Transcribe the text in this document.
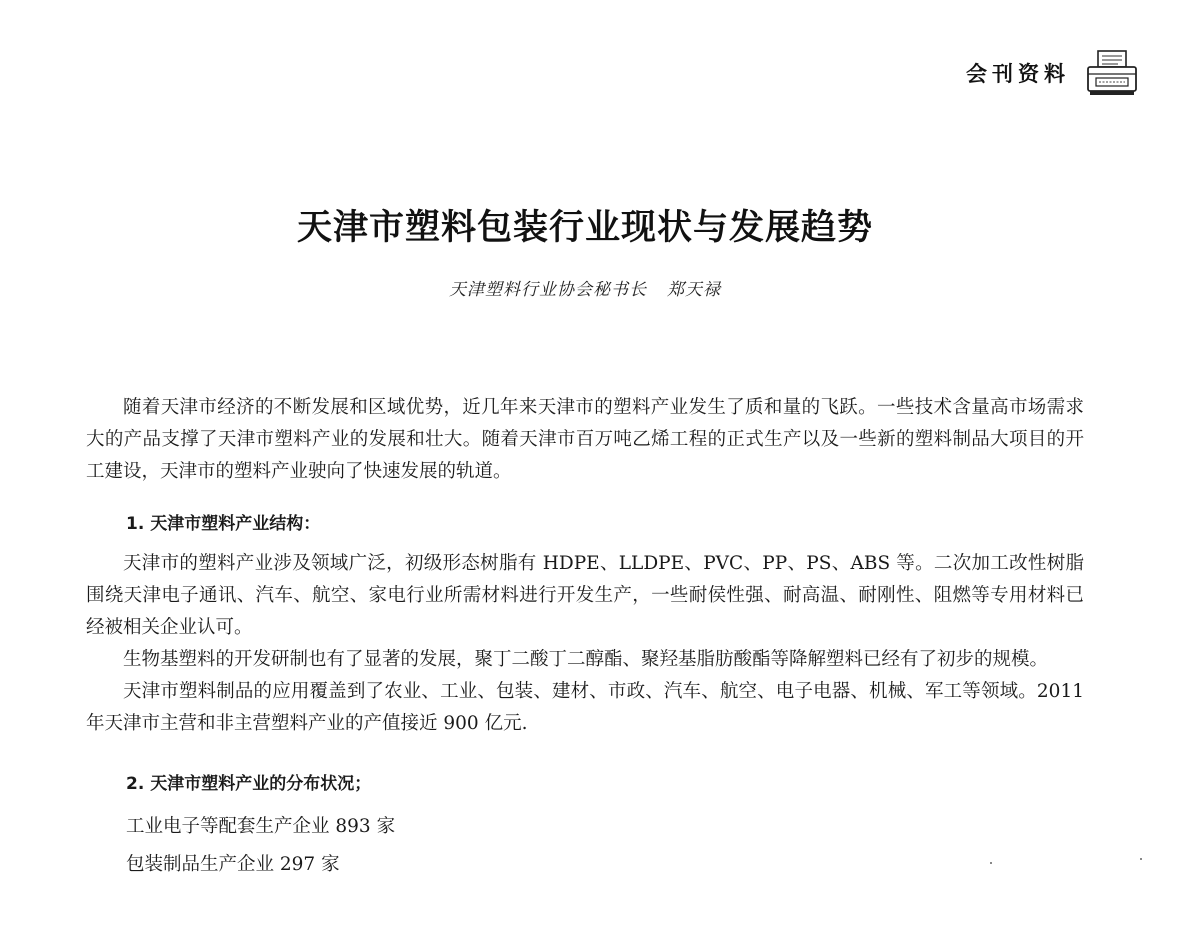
会刊资料
天津市塑料包装行业现状与发展趋势
天津塑料行业协会秘书长 郑天禄

随着天津市经济的不断发展和区域优势，近几年来天津市的塑料产业发生了质和量的飞跃。一些技术含量高市场需求大的产品支撑了天津市塑料产业的发展和壮大。随着天津市百万吨乙烯工程的正式生产以及一些新的塑料制品大项目的开工建设，天津市的塑料产业驶向了快速发展的轨道。

1. 天津市塑料产业结构：

天津市的塑料产业涉及领域广泛，初级形态树脂有 HDPE、LLDPE、PVC、PP、PS、ABS 等。二次加工改性树脂围绕天津电子通讯、汽车、航空、家电行业所需材料进行开发生产，一些耐侯性强、耐高温、耐刚性、阻燃等专用材料已经被相关企业认可。

生物基塑料的开发研制也有了显著的发展，聚丁二酸丁二醇酯、聚羟基脂肪酸酯等降解塑料已经有了初步的规模。

天津市塑料制品的应用覆盖到了农业、工业、包装、建材、市政、汽车、航空、电子电器、机械、军工等领域。2011 年天津市主营和非主营塑料产业的产值接近 900 亿元.

2. 天津市塑料产业的分布状况；
工业电子等配套生产企业 893 家
包装制品生产企业 297 家
